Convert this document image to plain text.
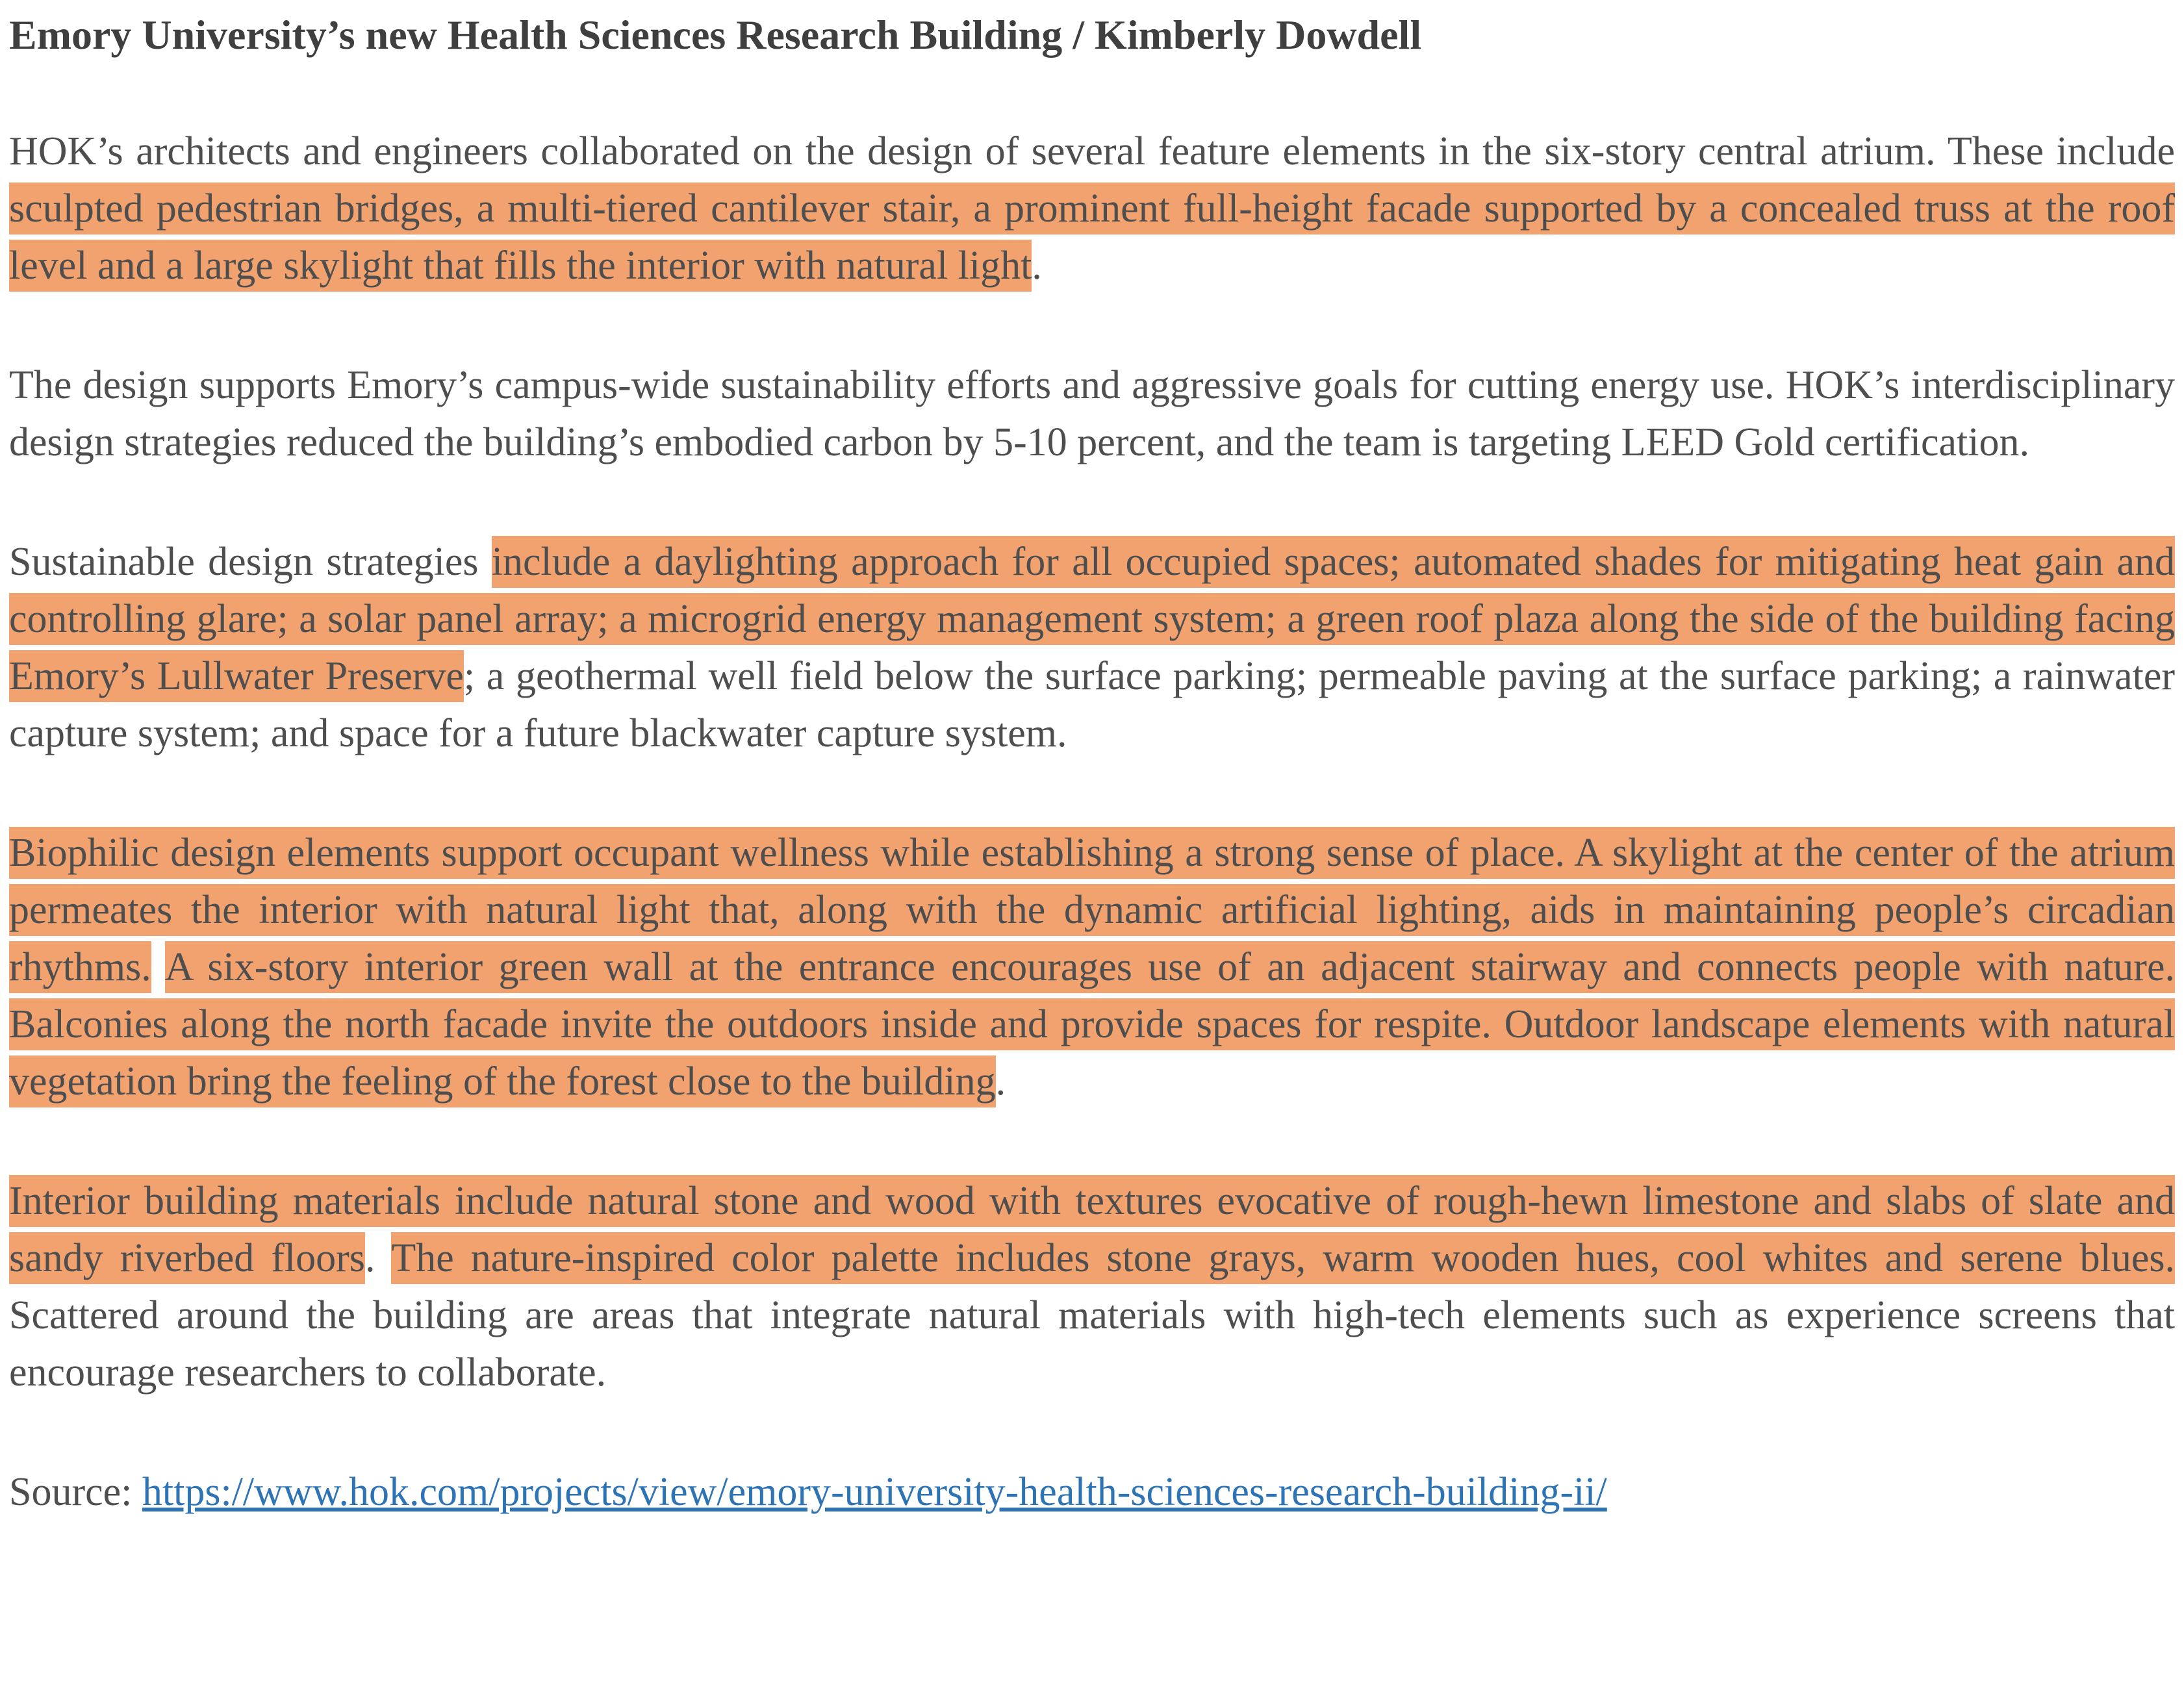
Emory University’s new Health Sciences Research Building / Kimberly Dowdell

HOK’s architects and engineers collaborated on the design of several feature elements in the six-story central atrium. These include sculpted pedestrian bridges, a multi-tiered cantilever stair, a prominent full-height facade supported by a concealed truss at the roof level and a large skylight that fills the interior with natural light.

The design supports Emory’s campus-wide sustainability efforts and aggressive goals for cutting energy use. HOK’s interdisciplinary design strategies reduced the building’s embodied carbon by 5-10 percent, and the team is targeting LEED Gold certification.

Sustainable design strategies include a daylighting approach for all occupied spaces; automated shades for mitigating heat gain and controlling glare; a solar panel array; a microgrid energy management system; a green roof plaza along the side of the building facing Emory’s Lullwater Preserve; a geothermal well field below the surface parking; permeable paving at the surface parking; a rainwater capture system; and space for a future blackwater capture system.

Biophilic design elements support occupant wellness while establishing a strong sense of place. A skylight at the center of the atrium permeates the interior with natural light that, along with the dynamic artificial lighting, aids in maintaining people’s circadian rhythms. A six-story interior green wall at the entrance encourages use of an adjacent stairway and connects people with nature. Balconies along the north facade invite the outdoors inside and provide spaces for respite. Outdoor landscape elements with natural vegetation bring the feeling of the forest close to the building.

Interior building materials include natural stone and wood with textures evocative of rough-hewn limestone and slabs of slate and sandy riverbed floors. The nature-inspired color palette includes stone grays, warm wooden hues, cool whites and serene blues. Scattered around the building are areas that integrate natural materials with high-tech elements such as experience screens that encourage researchers to collaborate.

Source: https://www.hok.com/projects/view/emory-university-health-sciences-research-building-ii/
